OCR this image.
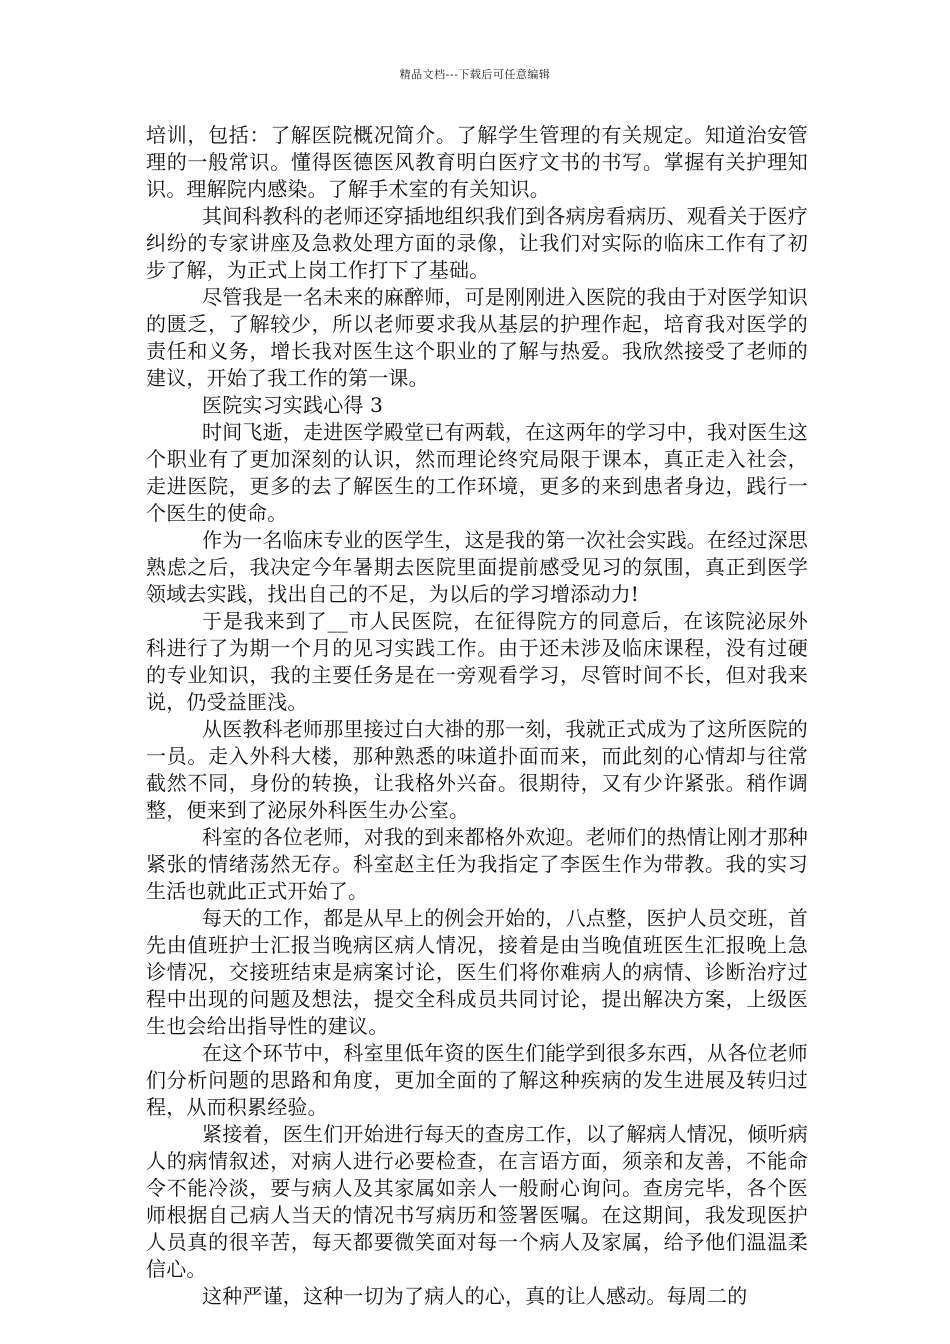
精品文档---下载后可任意编辑

培训，包括：了解医院概况简介。了解学生管理的有关规定。知道治安管理的一般常识。懂得医德医风教育明白医疗文书的书写。掌握有关护理知识。理解院内感染。了解手术室的有关知识。

其间科教科的老师还穿插地组织我们到各病房看病历、观看关于医疗纠纷的专家讲座及急救处理方面的录像，让我们对实际的临床工作有了初步了解，为正式上岗工作打下了基础。

尽管我是一名未来的麻醉师，可是刚刚进入医院的我由于对医学知识的匮乏，了解较少，所以老师要求我从基层的护理作起，培育我对医学的责任和义务，增长我对医生这个职业的了解与热爱。我欣然接受了老师的建议，开始了我工作的第一课。

医院实习实践心得 3

时间飞逝，走进医学殿堂已有两载，在这两年的学习中，我对医生这个职业有了更加深刻的认识，然而理论终究局限于课本，真正走入社会，走进医院，更多的去了解医生的工作环境，更多的来到患者身边，践行一个医生的使命。

作为一名临床专业的医学生，这是我的第一次社会实践。在经过深思熟虑之后，我决定今年暑期去医院里面提前感受见习的氛围，真正到医学领域去实践，找出自己的不足，为以后的学习增添动力!

于是我来到了__市人民医院，在征得院方的同意后，在该院泌尿外科进行了为期一个月的见习实践工作。由于还未涉及临床课程，没有过硬的专业知识，我的主要任务是在一旁观看学习，尽管时间不长，但对我来说，仍受益匪浅。

从医教科老师那里接过白大褂的那一刻，我就正式成为了这所医院的一员。走入外科大楼，那种熟悉的味道扑面而来，而此刻的心情却与往常截然不同，身份的转换，让我格外兴奋。很期待，又有少许紧张。稍作调整，便来到了泌尿外科医生办公室。

科室的各位老师，对我的到来都格外欢迎。老师们的热情让刚才那种紧张的情绪荡然无存。科室赵主任为我指定了李医生作为带教。我的实习生活也就此正式开始了。

每天的工作，都是从早上的例会开始的，八点整，医护人员交班，首先由值班护士汇报当晚病区病人情况，接着是由当晚值班医生汇报晚上急诊情况，交接班结束是病案讨论，医生们将你难病人的病情、诊断治疗过程中出现的问题及想法，提交全科成员共同讨论，提出解决方案，上级医生也会给出指导性的建议。

在这个环节中，科室里低年资的医生们能学到很多东西，从各位老师们分析问题的思路和角度，更加全面的了解这种疾病的发生进展及转归过程，从而积累经验。

紧接着，医生们开始进行每天的查房工作，以了解病人情况，倾听病人的病情叙述，对病人进行必要检查，在言语方面，须亲和友善，不能命令不能冷淡，要与病人及其家属如亲人一般耐心询问。查房完毕，各个医师根据自己病人当天的情况书写病历和签署医嘱。在这期间，我发现医护人员真的很辛苦，每天都要微笑面对每一个病人及家属，给予他们温温柔信心。

这种严谨，这种一切为了病人的心，真的让人感动。每周二的
